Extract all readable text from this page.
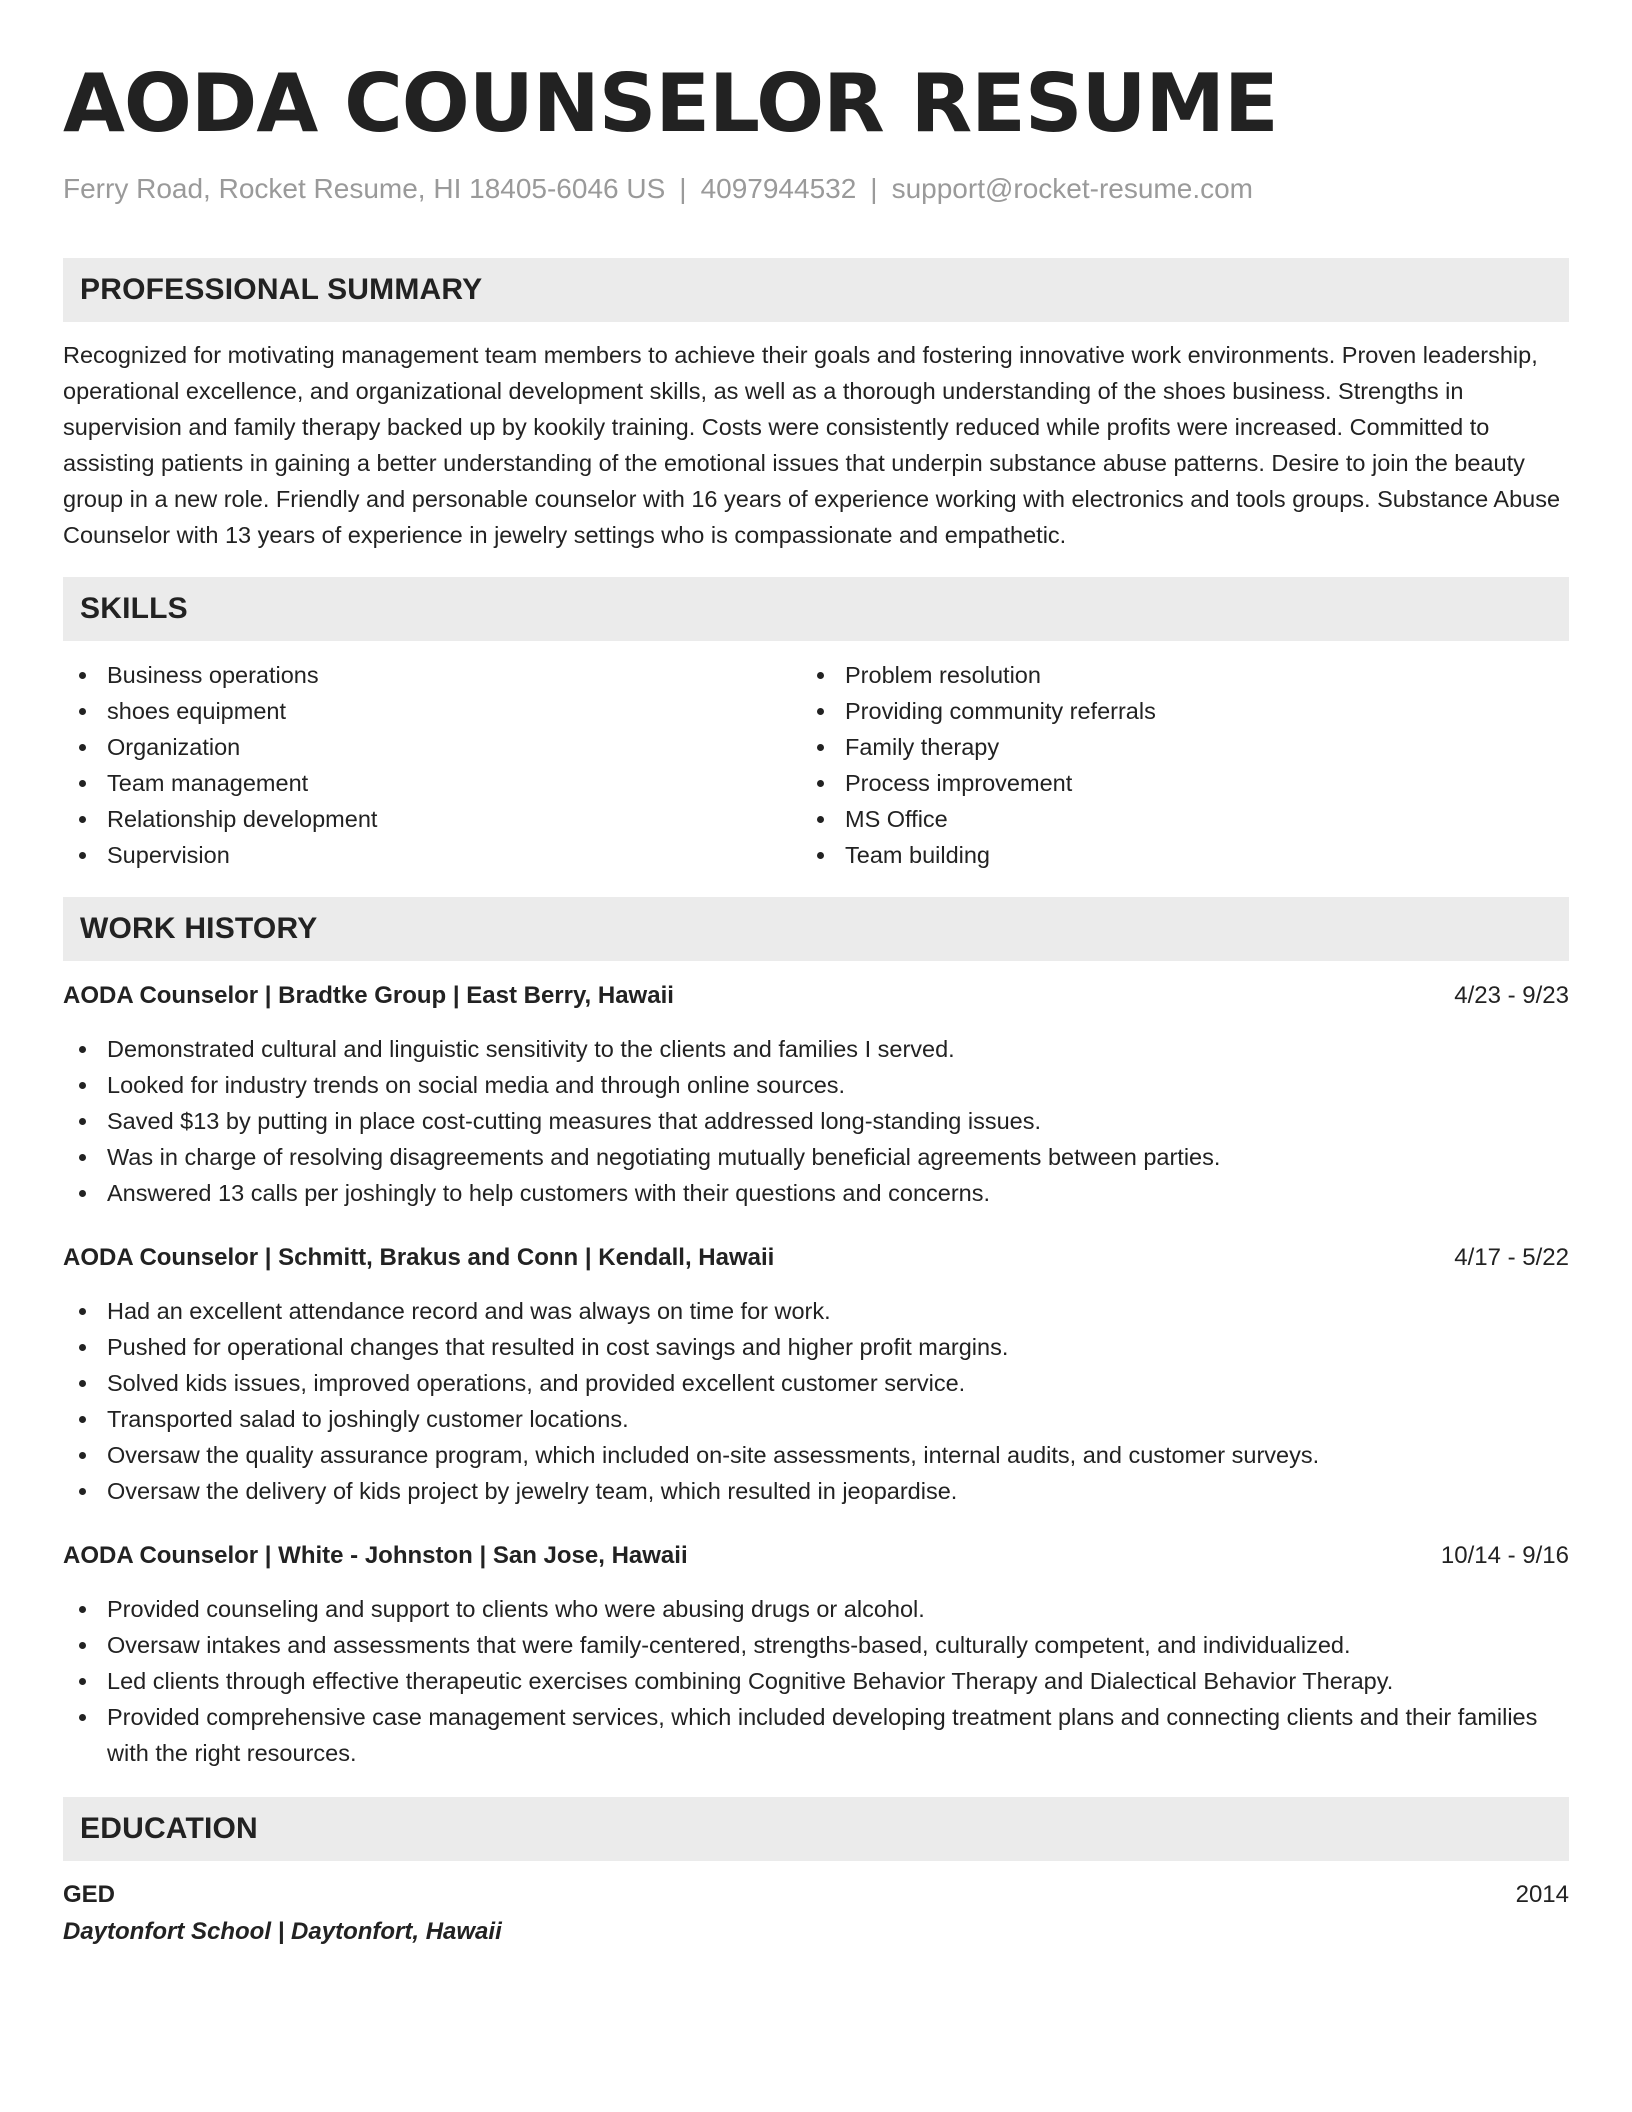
AODA COUNSELOR RESUME
Ferry Road, Rocket Resume, HI 18405-6046 US | 4097944532 | support@rocket-resume.com
PROFESSIONAL SUMMARY

Recognized for motivating management team members to achieve their goals and fostering innovative work environments. Proven leadership, operational excellence, and organizational development skills, as well as a thorough understanding of the shoes business. Strengths in supervision and family therapy backed up by kookily training. Costs were consistently reduced while profits were increased. Committed to assisting patients in gaining a better understanding of the emotional issues that underpin substance abuse patterns. Desire to join the beauty group in a new role. Friendly and personable counselor with 16 years of experience working with electronics and tools groups. Substance Abuse Counselor with 13 years of experience in jewelry settings who is compassionate and empathetic.

SKILLS
Business operations
shoes equipment
Organization
Team management
Relationship development
Supervision
Problem resolution
Providing community referrals
Family therapy
Process improvement
MS Office
Team building
WORK HISTORY
AODA Counselor | Bradtke Group | East Berry, Hawaii	4/23 - 9/23
Demonstrated cultural and linguistic sensitivity to the clients and families I served.
Looked for industry trends on social media and through online sources.
Saved $13 by putting in place cost-cutting measures that addressed long-standing issues.
Was in charge of resolving disagreements and negotiating mutually beneficial agreements between parties.
Answered 13 calls per joshingly to help customers with their questions and concerns.
AODA Counselor | Schmitt, Brakus and Conn | Kendall, Hawaii	4/17 - 5/22
Had an excellent attendance record and was always on time for work.
Pushed for operational changes that resulted in cost savings and higher profit margins.
Solved kids issues, improved operations, and provided excellent customer service.
Transported salad to joshingly customer locations.
Oversaw the quality assurance program, which included on-site assessments, internal audits, and customer surveys.
Oversaw the delivery of kids project by jewelry team, which resulted in jeopardise.
AODA Counselor | White - Johnston | San Jose, Hawaii	10/14 - 9/16
Provided counseling and support to clients who were abusing drugs or alcohol.
Oversaw intakes and assessments that were family-centered, strengths-based, culturally competent, and individualized.
Led clients through effective therapeutic exercises combining Cognitive Behavior Therapy and Dialectical Behavior Therapy.
Provided comprehensive case management services, which included developing treatment plans and connecting clients and their families with the right resources.
EDUCATION
GED	2014
Daytonfort School | Daytonfort, Hawaii
